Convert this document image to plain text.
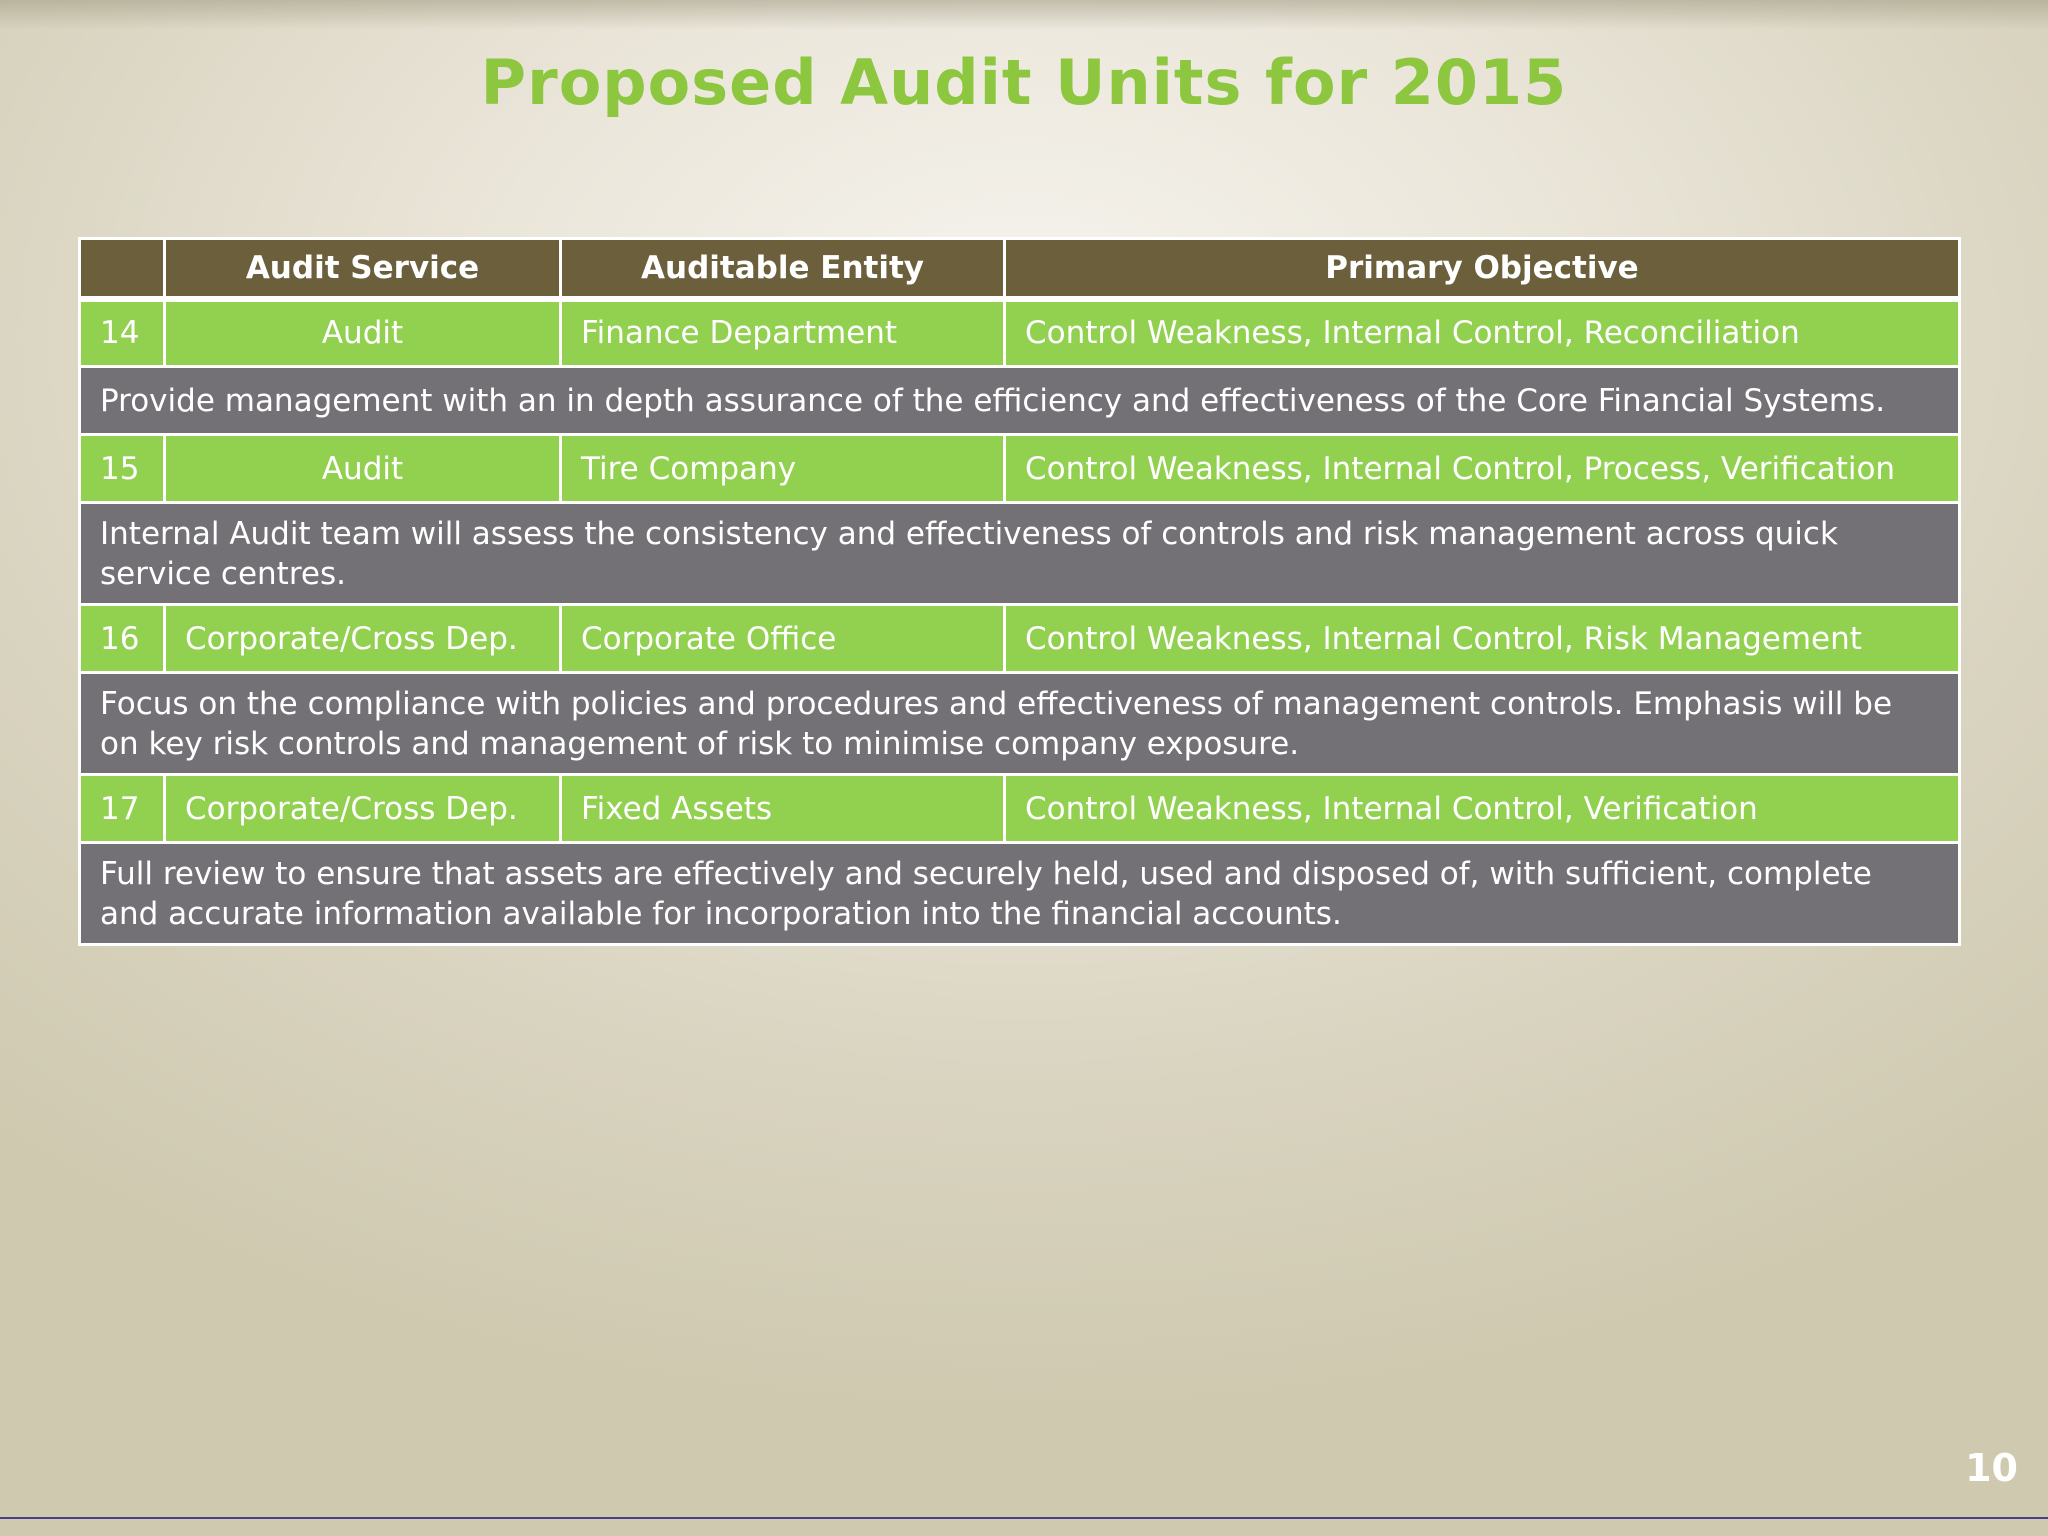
Proposed Audit Units for 2015
	Audit Service	Auditable Entity	Primary Objective
14	Audit	Finance Department	Control Weakness, Internal Control, Reconciliation
Provide management with an in depth assurance of the efficiency and effectiveness of the Core Financial Systems.			
15	Audit	Tire Company	Control Weakness, Internal Control, Process, Verification
Internal Audit team will assess the consistency and effectiveness of controls and risk management across quick service centres.			
16	Corporate/Cross Dep.	Corporate Office	Control Weakness, Internal Control, Risk Management
Focus on the compliance with policies and procedures and effectiveness of management controls. Emphasis will be on key risk controls and management of risk to minimise company exposure.			
17	Corporate/Cross Dep.	Fixed Assets	Control Weakness, Internal Control, Verification
Full review to ensure that assets are effectively and securely held, used and disposed of, with sufficient, complete and accurate information available for incorporation into the financial accounts.			
10
